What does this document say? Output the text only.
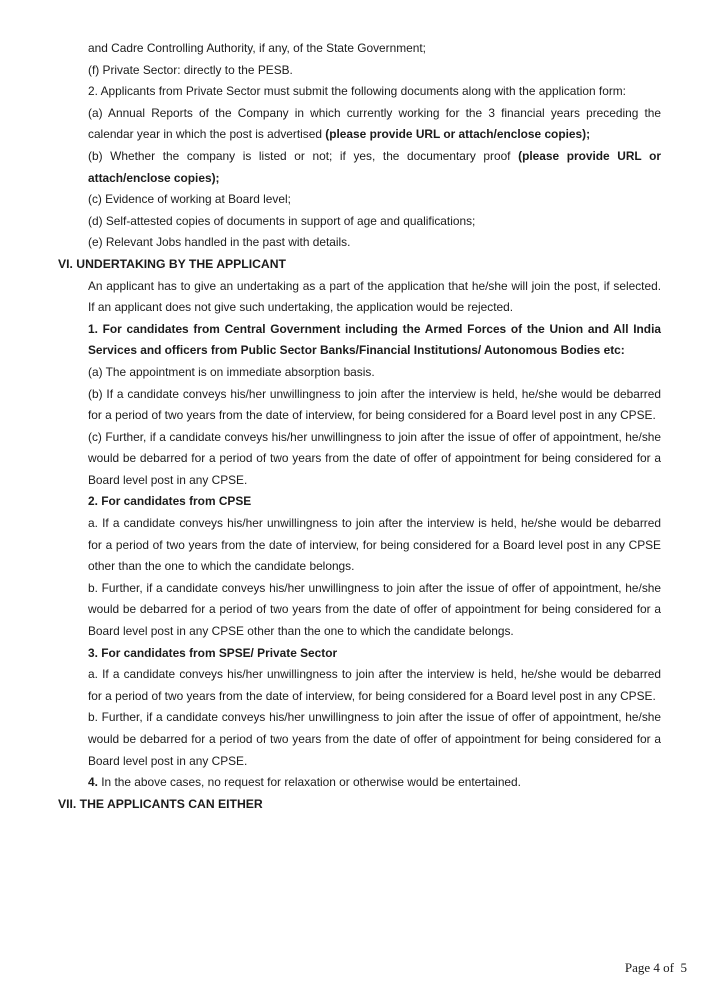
and Cadre Controlling Authority, if any, of the State Government;

(f) Private Sector: directly to the PESB.

2. Applicants from Private Sector must submit the following documents along with the application form:

(a) Annual Reports of the Company in which currently working for the 3 financial years preceding the calendar year in which the post is advertised (please provide URL or attach/enclose copies);

(b) Whether the company is listed or not; if yes, the documentary proof (please provide URL or attach/enclose copies);

(c) Evidence of working at Board level;

(d) Self-attested copies of documents in support of age and qualifications;

(e) Relevant Jobs handled in the past with details.

VI. UNDERTAKING BY THE APPLICANT

An applicant has to give an undertaking as a part of the application that he/she will join the post, if selected. If an applicant does not give such undertaking, the application would be rejected.

1. For candidates from Central Government including the Armed Forces of the Union and All India Services and officers from Public Sector Banks/Financial Institutions/ Autonomous Bodies etc:

(a) The appointment is on immediate absorption basis.

(b) If a candidate conveys his/her unwillingness to join after the interview is held, he/she would be debarred for a period of two years from the date of interview, for being considered for a Board level post in any CPSE.

(c) Further, if a candidate conveys his/her unwillingness to join after the issue of offer of appointment, he/she would be debarred for a period of two years from the date of offer of appointment for being considered for a Board level post in any CPSE.

2. For candidates from CPSE

a. If a candidate conveys his/her unwillingness to join after the interview is held, he/she would be debarred for a period of two years from the date of interview, for being considered for a Board level post in any CPSE other than the one to which the candidate belongs.

b. Further, if a candidate conveys his/her unwillingness to join after the issue of offer of appointment, he/she would be debarred for a period of two years from the date of offer of appointment for being considered for a Board level post in any CPSE other than the one to which the candidate belongs.

3. For candidates from SPSE/ Private Sector

a. If a candidate conveys his/her unwillingness to join after the interview is held, he/she would be debarred for a period of two years from the date of interview, for being considered for a Board level post in any CPSE.

b. Further, if a candidate conveys his/her unwillingness to join after the issue of offer of appointment, he/she would be debarred for a period of two years from the date of offer of appointment for being considered for a Board level post in any CPSE.

4. In the above cases, no request for relaxation or otherwise would be entertained.

VII. THE APPLICANTS CAN EITHER
Page 4 of  5
